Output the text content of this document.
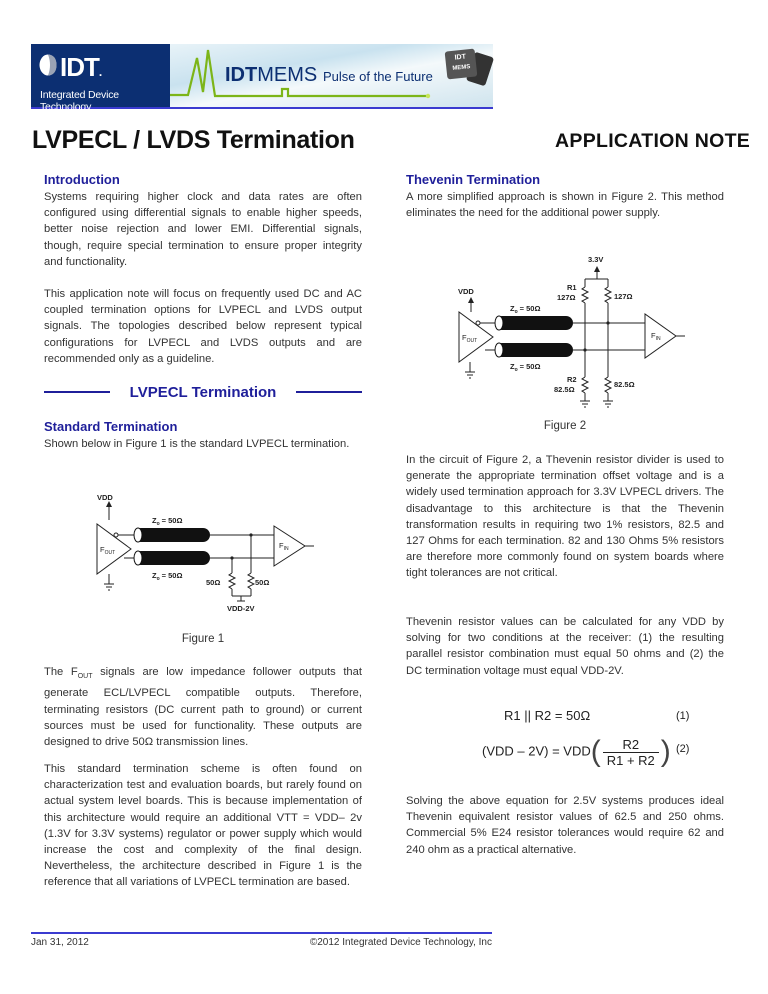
IDT.
Integrated Device Technology
IDTMEMS Pulse of the Future
IDT
MEMS
LVPECL / LVDS Termination	APPLICATION NOTE
Introduction
Systems requiring higher clock and data rates are often configured using differential signals to enable higher speeds, better noise rejection and lower EMI. Differential signals, though, require special termination to ensure proper integrity and functionality.
This application note will focus on frequently used DC and AC coupled termination options for LVPECL and LVDS output signals. The topologies described below represent typical configurations for LVPECL and LVDS outputs and are recommended only as a guideline.
LVPECL Termination
Standard Termination
Shown below in Figure 1 is the standard LVPECL termination.
VDD
$F_{OUT}$
$Z_o = 50\Omega$
$Z_o = 50\Omega$
50Ω	50Ω
VDD-2V
$F_{IN}$
Figure 1
The $F_{OUT}$ signals are low impedance follower outputs that generate ECL/LVPECL compatible outputs. Therefore, terminating resistors (DC current path to ground) or current sources must be used for functionality. These outputs are designed to drive 50Ω transmission lines.
This standard termination scheme is often found on characterization test and evaluation boards, but rarely found on actual system level boards. This is because implementation of this architecture would require an additional VTT = VDD– 2v (1.3V for 3.3V systems) regulator or power supply which would increase the cost and complexity of the final design. Nevertheless, the architecture described in Figure 1 is the reference that all variations of LVPECL termination are based.
Thevenin Termination
A more simplified approach is shown in Figure 2. This method eliminates the need for the additional power supply.
3.3V
VDD
$F_{OUT}$
$Z_o = 50\Omega$
$Z_o = 50\Omega$
R1
127Ω	127Ω
R2
82.5Ω
82.5Ω
$F_{IN}$
Figure 2
In the circuit of Figure 2, a Thevenin resistor divider is used to generate the appropriate termination offset voltage and is a widely used termination approach for 3.3V LVPECL drivers. The disadvantage to this architecture is that the Thevenin transformation results in requiring two 1% resistors, 82.5 and 127 Ohms for each termination. 82 and 130 Ohms 5% resistors are therefore more commonly found on system boards where tight tolerances are not critical.
Thevenin resistor values can be calculated for any VDD by solving for two conditions at the receiver: (1) the resulting parallel resistor combination must equal 50 ohms and (2) the DC termination voltage must equal VDD-2V.
R1 || R2 = 50Ω	(1)
$(VDD - 2V) = VDD( \frac{R2}{R1 + R2}$ ) (2)
Solving the above equation for 2.5V systems produces ideal Thevenin equivalent resistor values of 62.5 and 250 ohms. Commercial 5% E24 resistor tolerances would require 62 and 240 ohm as a practical alternative.
Jan 31, 2012	©2012 Integrated Device Technology, Inc
